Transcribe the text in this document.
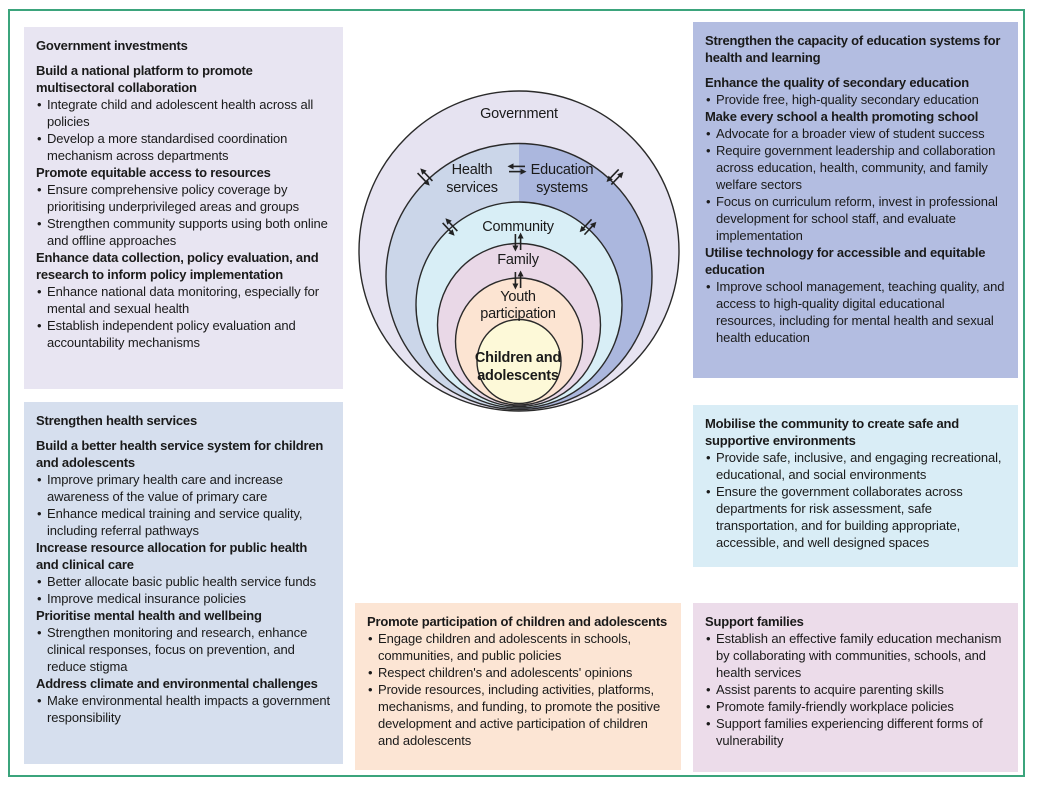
Government investments
Build a national platform to promote multisectoral collaboration
• Integrate child and adolescent health across all policies
• Develop a more standardised coordination mechanism across departments
Promote equitable access to resources
• Ensure comprehensive policy coverage by prioritising underprivileged areas and groups
• Strengthen community supports using both online and offline approaches
Enhance data collection, policy evaluation, and research to inform policy implementation
• Enhance national data monitoring, especially for mental and sexual health
• Establish independent policy evaluation and accountability mechanisms
Strengthen health services
Build a better health service system for children and adolescents
• Improve primary health care and increase awareness of the value of primary care
• Enhance medical training and service quality, including referral pathways
Increase resource allocation for public health and clinical care
• Better allocate basic public health service funds
• Improve medical insurance policies
Prioritise mental health and wellbeing
• Strengthen monitoring and research, enhance clinical responses, focus on prevention, and reduce stigma
Address climate and environmental challenges
• Make environmental health impacts a government responsibility
Strengthen the capacity of education systems for health and learning
Enhance the quality of secondary education
• Provide free, high-quality secondary education
Make every school a health promoting school
• Advocate for a broader view of student success
• Require government leadership and collaboration across education, health, community, and family welfare sectors
• Focus on curriculum reform, invest in professional development for school staff, and evaluate implementation
Utilise technology for accessible and equitable education
• Improve school management, teaching quality, and access to high-quality digital educational resources, including for mental health and sexual health education
Mobilise the community to create safe and supportive environments
• Provide safe, inclusive, and engaging recreational, educational, and social environments
• Ensure the government collaborates across departments for risk assessment, safe transportation, and for building appropriate, accessible, and well designed spaces
Promote participation of children and adolescents
• Engage children and adolescents in schools, communities, and public policies
• Respect children's and adolescents' opinions
• Provide resources, including activities, platforms, mechanisms, and funding, to promote the positive development and active participation of children and adolescents
Support families
• Establish an effective family education mechanism by collaborating with communities, schools, and health services
• Assist parents to acquire parenting skills
• Promote family-friendly workplace policies
• Support families experiencing different forms of vulnerability
Government
Health
services
Education
systems
Community
Family
Youth
participation
Children and
adolescents
